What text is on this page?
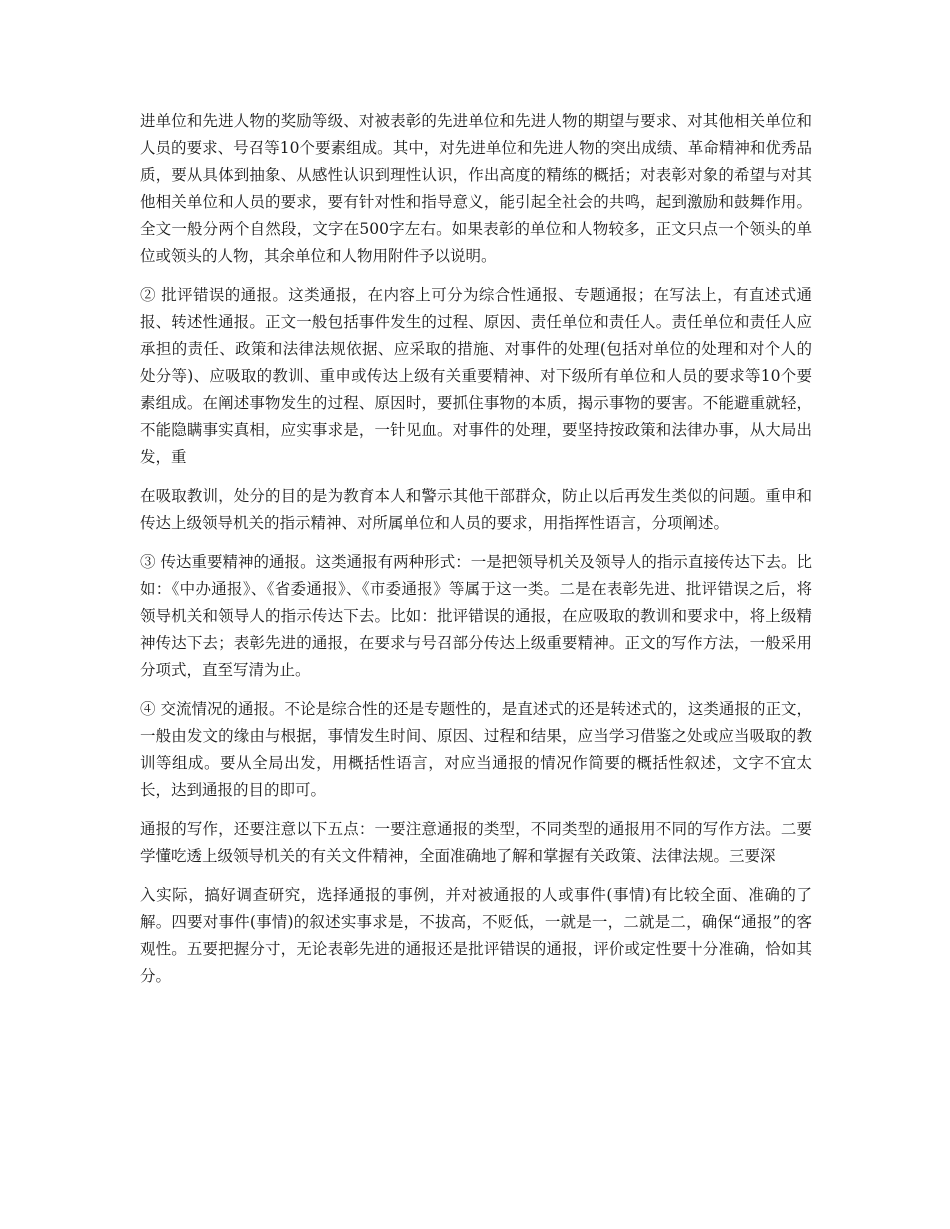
进单位和先进人物的奖励等级、对被表彰的先进单位和先进人物的期望与要求、对其他相关单位和人员的要求、号召等10个要素组成。其中，对先进单位和先进人物的突出成绩、革命精神和优秀品质，要从具体到抽象、从感性认识到理性认识，作出高度的精练的概括；对表彰对象的希望与对其他相关单位和人员的要求，要有针对性和指导意义，能引起全社会的共鸣，起到激励和鼓舞作用。全文一般分两个自然段，文字在500字左右。如果表彰的单位和人物较多，正文只点一个领头的单位或领头的人物，其余单位和人物用附件予以说明。

② 批评错误的通报。这类通报，在内容上可分为综合性通报、专题通报；在写法上，有直述式通报、转述性通报。正文一般包括事件发生的过程、原因、责任单位和责任人。责任单位和责任人应承担的责任、政策和法律法规依据、应采取的措施、对事件的处理(包括对单位的处理和对个人的处分等)、应吸取的教训、重申或传达上级有关重要精神、对下级所有单位和人员的要求等10个要素组成。在阐述事物发生的过程、原因时，要抓住事物的本质，揭示事物的要害。不能避重就轻，不能隐瞒事实真相，应实事求是，一针见血。对事件的处理，要坚持按政策和法律办事，从大局出发，重

在吸取教训，处分的目的是为教育本人和警示其他干部群众，防止以后再发生类似的问题。重申和传达上级领导机关的指示精神、对所属单位和人员的要求，用指挥性语言，分项阐述。

③ 传达重要精神的通报。这类通报有两种形式：一是把领导机关及领导人的指示直接传达下去。比如：《中办通报》、《省委通报》、《市委通报》等属于这一类。二是在表彰先进、批评错误之后，将领导机关和领导人的指示传达下去。比如：批评错误的通报，在应吸取的教训和要求中，将上级精神传达下去；表彰先进的通报，在要求与号召部分传达上级重要精神。正文的写作方法，一般采用分项式，直至写清为止。

④ 交流情况的通报。不论是综合性的还是专题性的，是直述式的还是转述式的，这类通报的正文，一般由发文的缘由与根据，事情发生时间、原因、过程和结果，应当学习借鉴之处或应当吸取的教训等组成。要从全局出发，用概括性语言，对应当通报的情况作简要的概括性叙述，文字不宜太长，达到通报的目的即可。

通报的写作，还要注意以下五点：一要注意通报的类型，不同类型的通报用不同的写作方法。二要学懂吃透上级领导机关的有关文件精神，全面准确地了解和掌握有关政策、法律法规。三要深

入实际，搞好调查研究，选择通报的事例，并对被通报的人或事件(事情)有比较全面、准确的了解。四要对事件(事情)的叙述实事求是，不拔高，不贬低，一就是一，二就是二，确保“通报”的客观性。五要把握分寸，无论表彰先进的通报还是批评错误的通报，评价或定性要十分准确，恰如其分。
